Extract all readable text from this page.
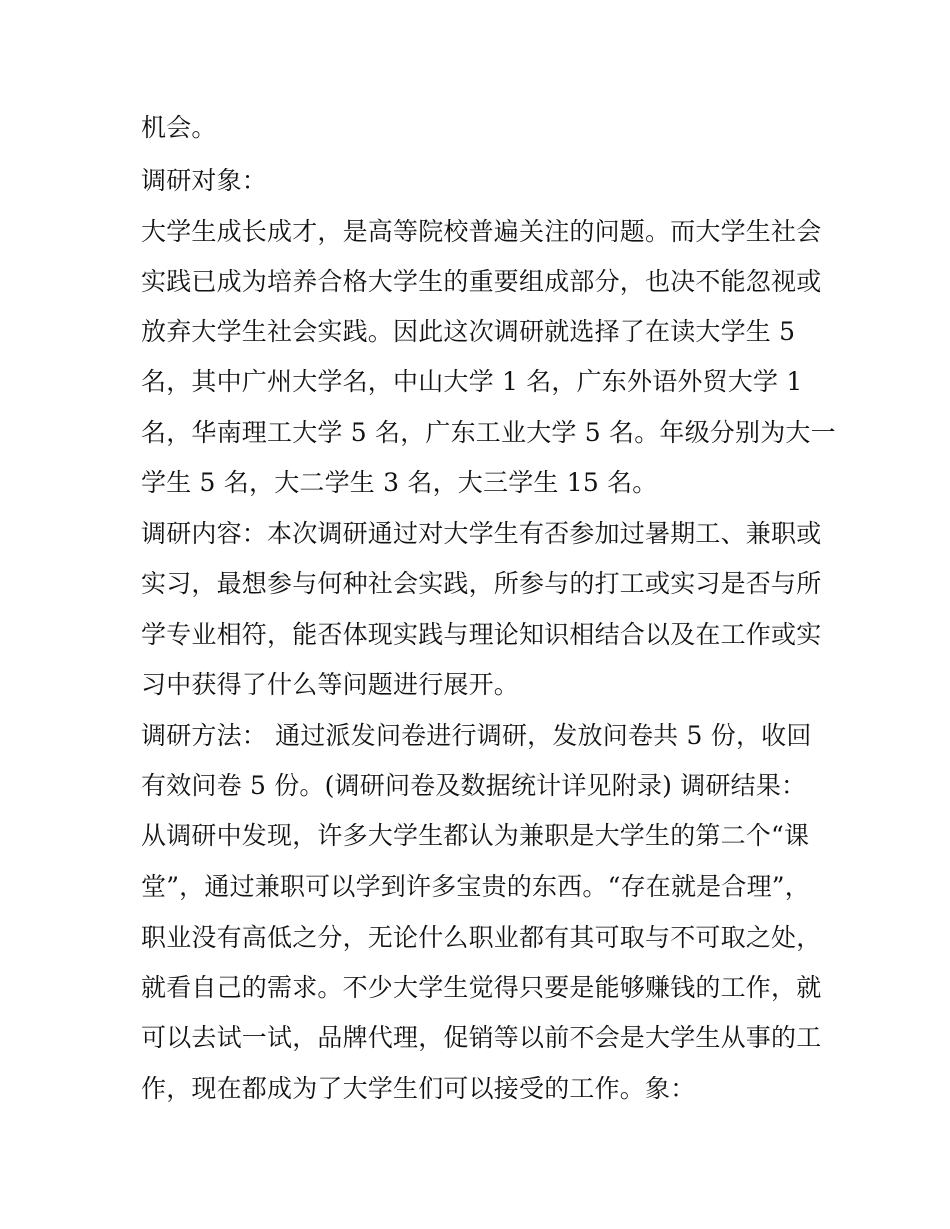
机会。
调研对象：
大学生成长成才，是高等院校普遍关注的问题。而大学生社会
实践已成为培养合格大学生的重要组成部分，也决不能忽视或
放弃大学生社会实践。因此这次调研就选择了在读大学生 5
名，其中广州大学名，中山大学 1 名，广东外语外贸大学 1
名，华南理工大学 5 名，广东工业大学 5 名。年级分别为大一
学生 5 名，大二学生 3 名，大三学生 15 名。
调研内容：本次调研通过对大学生有否参加过暑期工、兼职或
实习，最想参与何种社会实践，所参与的打工或实习是否与所
学专业相符，能否体现实践与理论知识相结合以及在工作或实
习中获得了什么等问题进行展开。
调研方法： 通过派发问卷进行调研，发放问卷共 5 份，收回
有效问卷 5 份。(调研问卷及数据统计详见附录) 调研结果：
从调研中发现，许多大学生都认为兼职是大学生的第二个“课
堂”，通过兼职可以学到许多宝贵的东西。“存在就是合理”，
职业没有高低之分，无论什么职业都有其可取与不可取之处，
就看自己的需求。不少大学生觉得只要是能够赚钱的工作，就
可以去试一试，品牌代理，促销等以前不会是大学生从事的工
作，现在都成为了大学生们可以接受的工作。象：
